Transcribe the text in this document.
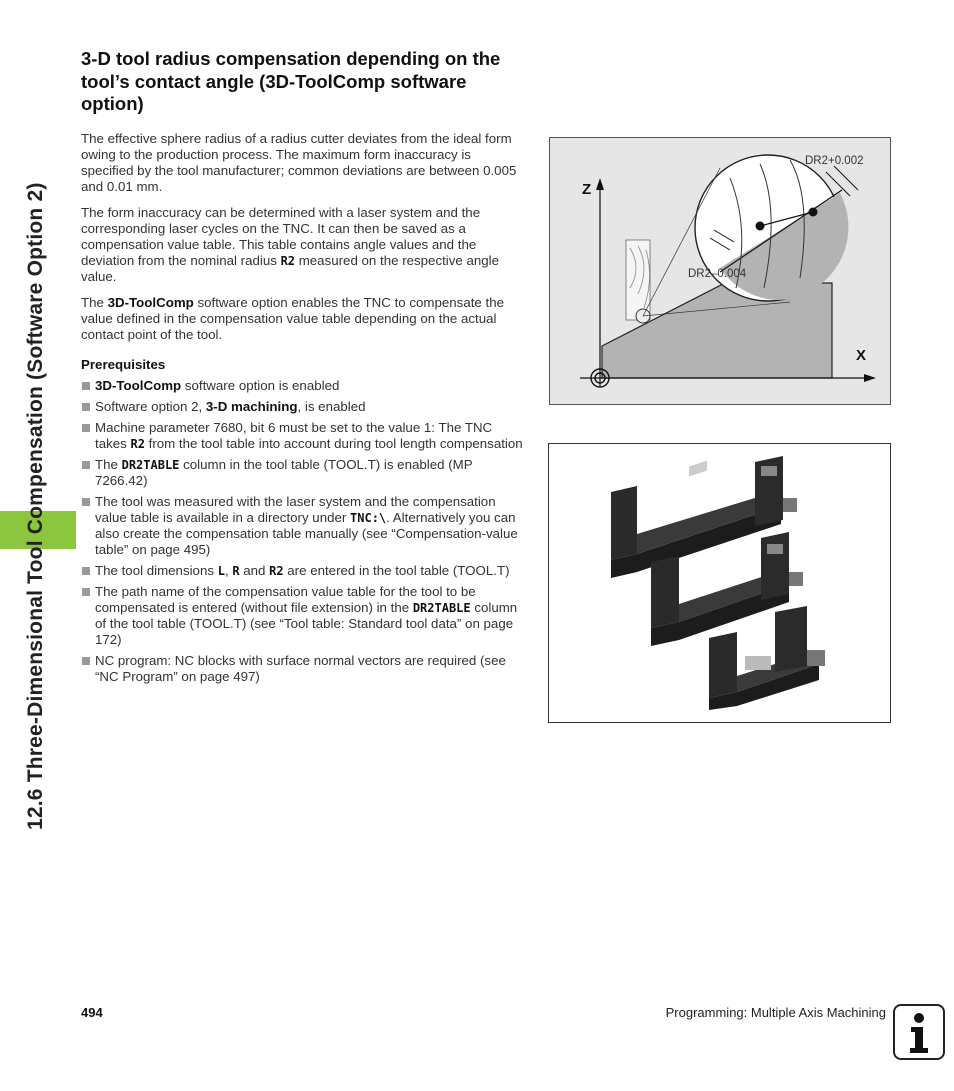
12.6 Three-Dimensional Tool Compensation (Software Option 2)
3-D tool radius compensation depending on the tool’s contact angle (3D-ToolComp software option)

The effective sphere radius of a radius cutter deviates from the ideal form owing to the production process. The maximum form inaccuracy is specified by the tool manufacturer; common deviations are between 0.005 and 0.01 mm.

The form inaccuracy can be determined with a laser system and the corresponding laser cycles on the TNC. It can then be saved as a compensation value table. This table contains angle values and the deviation from the nominal radius R2 measured on the respective angle value.

The 3D-ToolComp software option enables the TNC to compensate the value defined in the compensation value table depending on the actual contact point of the tool.

Prerequisites
3D-ToolComp software option is enabled
Software option 2, 3-D machining, is enabled
Machine parameter 7680, bit 6 must be set to the value 1: The TNC takes R2 from the tool table into account during tool length compensation
The DR2TABLE column in the tool table (TOOL.T) is enabled (MP 7266.42)
The tool was measured with the laser system and the compensation value table is available in a directory under TNC:\. Alternatively you can also create the compensation table manually (see “Compensation-value table” on page 495)
The tool dimensions L, R and R2 are entered in the tool table (TOOL.T)
The path name of the compensation value table for the tool to be compensated is entered (without file extension) in the DR2TABLE column of the tool table (TOOL.T) (see “Tool table: Standard tool data” on page 172)
NC program: NC blocks with surface normal vectors are required (see “NC Program” on page 497)
Z
X
DR2+0.002
DR2–0.004
494	Programming: Multiple Axis Machining
